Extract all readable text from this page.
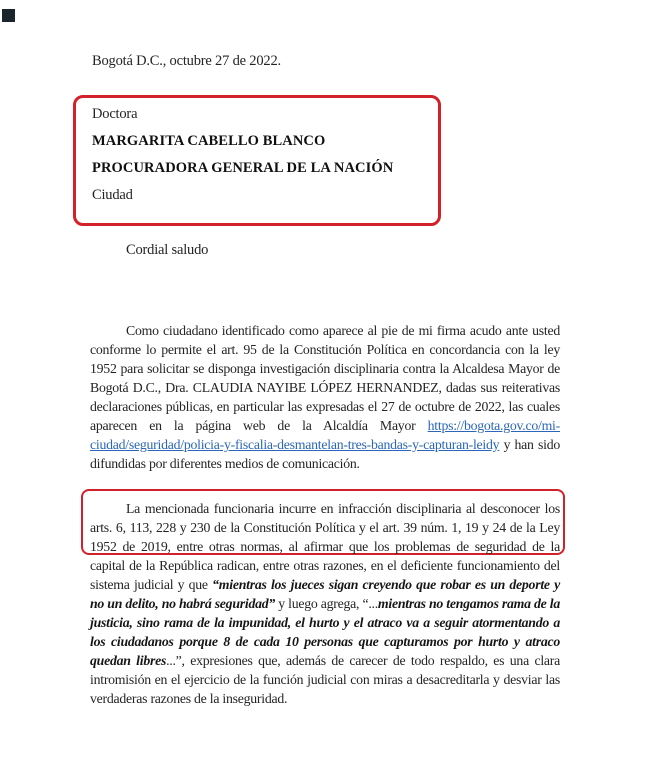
Bogotá D.C., octubre 27 de 2022.
Doctora
MARGARITA CABELLO BLANCO
PROCURADORA GENERAL DE LA NACIÓN
Ciudad
Cordial saludo
Como ciudadano identificado como aparece al pie de mi firma acudo ante usted conforme lo permite el art. 95 de la Constitución Política en concordancia con la ley 1952 para solicitar se disponga investigación disciplinaria contra la Alcaldesa Mayor de Bogotá D.C., Dra. CLAUDIA NAYIBE LÓPEZ HERNANDEZ, dadas sus reiterativas declaraciones públicas, en particular las expresadas el 27 de octubre de 2022, las cuales aparecen en la página web de la Alcaldía Mayor https://bogota.gov.co/mi-ciudad/seguridad/policia-y-fiscalia-desmantelan-tres-bandas-y-capturan-leidy y han sido difundidas por diferentes medios de comunicación.
La mencionada funcionaria incurre en infracción disciplinaria al desconocer los arts. 6, 113, 228 y 230 de la Constitución Política y el art. 39 núm. 1, 19 y 24 de la Ley 1952 de 2019, entre otras normas, al afirmar que los problemas de seguridad de la capital de la República radican, entre otras razones, en el deficiente funcionamiento del sistema judicial y que “mientras los jueces sigan creyendo que robar es un deporte y no un delito, no habrá seguridad” y luego agrega, “...mientras no tengamos rama de la justicia, sino rama de la impunidad, el hurto y el atraco va a seguir atormentando a los ciudadanos porque 8 de cada 10 personas que capturamos por hurto y atraco quedan libres...”, expresiones que, además de carecer de todo respaldo, es una clara intromisión en el ejercicio de la función judicial con miras a desacreditarla y desviar las verdaderas razones de la inseguridad.
